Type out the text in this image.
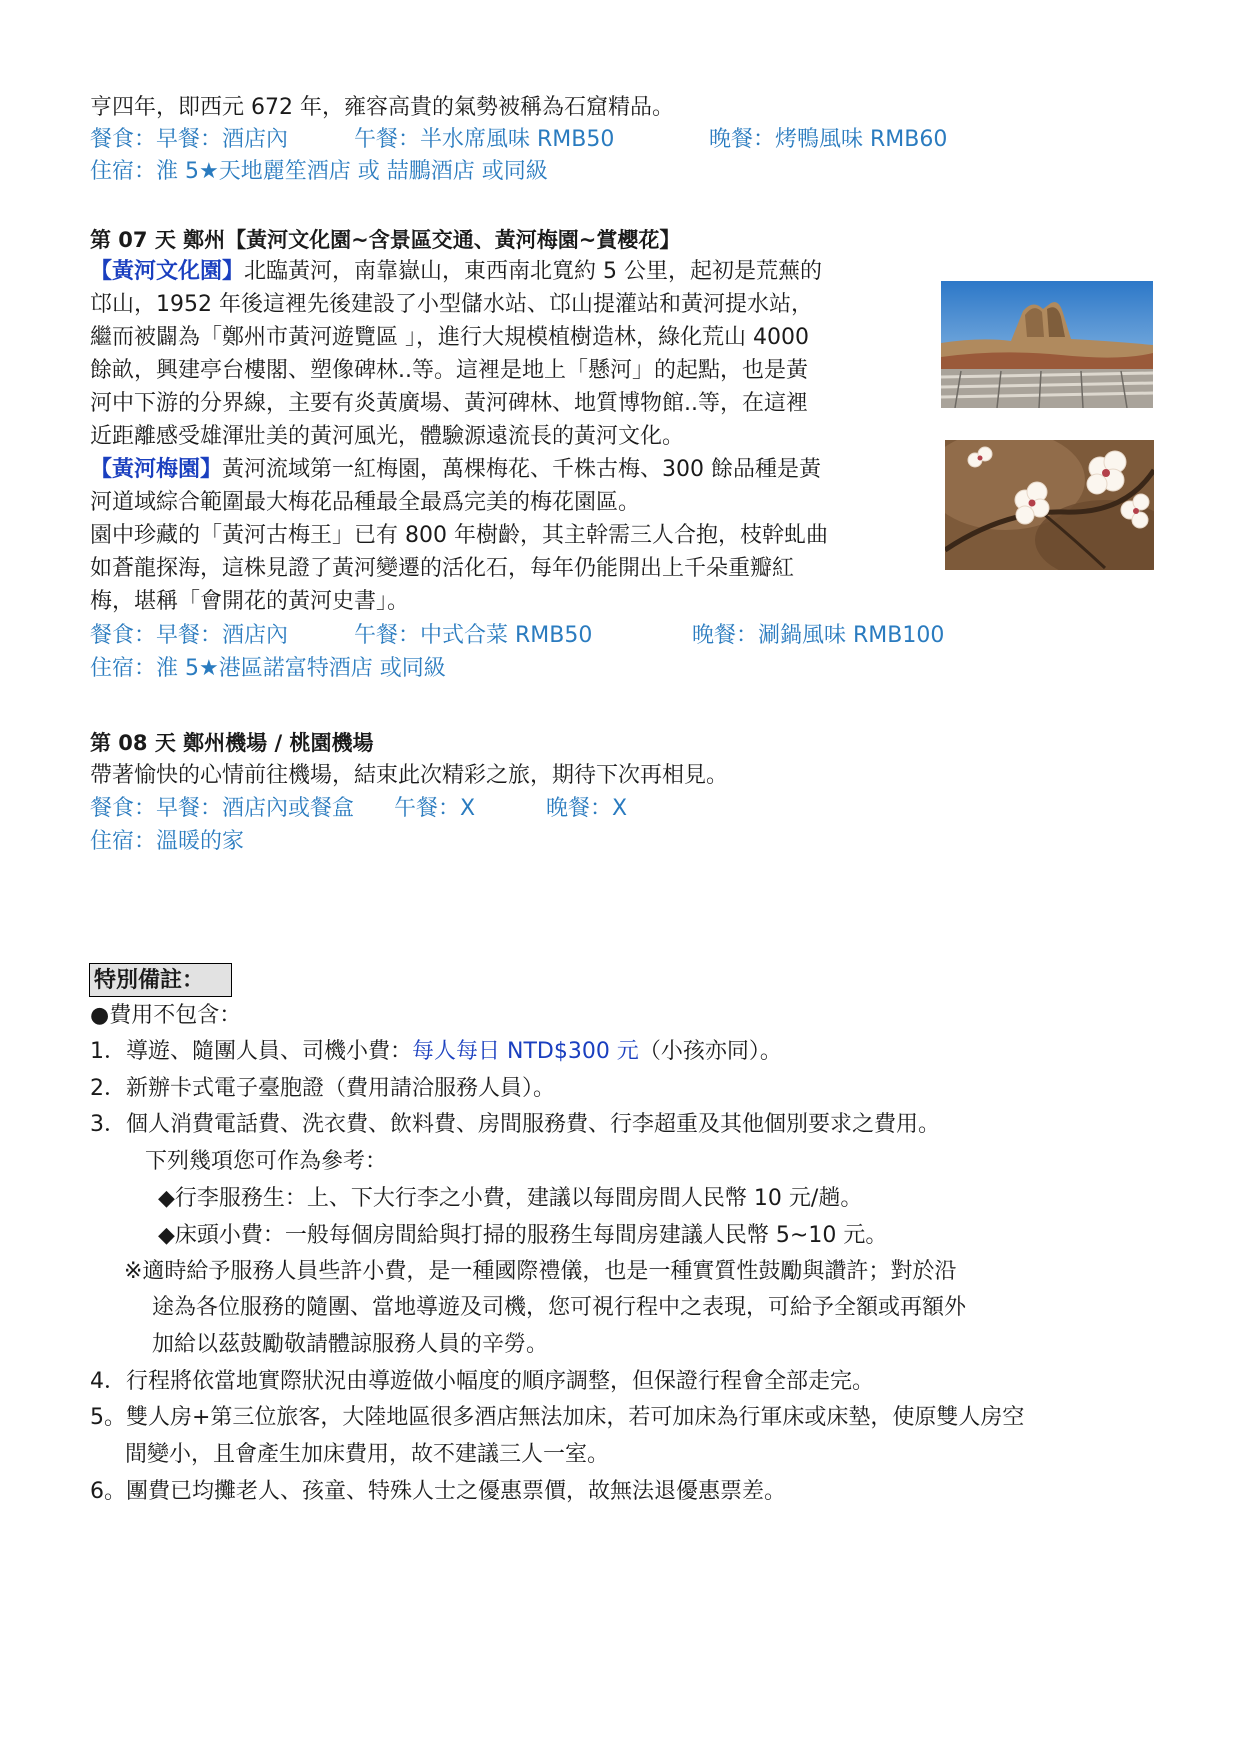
亨四年，即西元 672 年，雍容高貴的氣勢被稱為石窟精品。
餐食：早餐：酒店內	午餐：半水席風味 RMB50	晚餐：烤鴨風味 RMB60
住宿：淮 5★天地麗笙酒店 或 喆鵬酒店 或同級
第 07 天 鄭州【黃河文化園~含景區交通、黃河梅園~賞櫻花】
【黃河文化園】北臨黃河，南靠嶽山，東西南北寬約 5 公里，起初是荒蕪的
邙山，1952 年後這裡先後建設了小型儲水站、邙山提灌站和黃河提水站，
繼而被闢為「鄭州市黃河遊覽區 」，進行大規模植樹造林，綠化荒山 4000
餘畝，興建亭台樓閣、塑像碑林..等。這裡是地上「懸河」的起點，也是黃
河中下游的分界線，主要有炎黃廣場、黃河碑林、地質博物館..等，在這裡
近距離感受雄渾壯美的黃河風光，體驗源遠流長的黃河文化。
【黃河梅園】黃河流域第一紅梅園，萬棵梅花、千株古梅、300 餘品種是黃
河道域綜合範圍最大梅花品種最全最爲完美的梅花園區。
園中珍藏的「黃河古梅王」已有 800 年樹齡，其主幹需三人合抱，枝幹虬曲
如蒼龍探海，這株見證了黃河變遷的活化石，每年仍能開出上千朵重瓣紅
梅，堪稱「會開花的黃河史書」。
餐食：早餐：酒店內	午餐：中式合菜 RMB50	晚餐：涮鍋風味 RMB100
住宿：淮 5★港區諾富特酒店 或同級
第 08 天 鄭州機場 / 桃園機場
帶著愉快的心情前往機場，結束此次精彩之旅，期待下次再相見。
餐食：早餐：酒店內或餐盒 午餐：X	晚餐：X
住宿：溫暖的家
特別備註：
●費用不包含：
1．導遊、隨團人員、司機小費：每人每日 NTD$300 元（小孩亦同）。
2．新辦卡式電子臺胞證（費用請洽服務人員）。
3．個人消費電話費、洗衣費、飲料費、房間服務費、行李超重及其他個別要求之費用。
下列幾項您可作為參考：
◆行李服務生：上、下大行李之小費，建議以每間房間人民幣 10 元/趟。
◆床頭小費：一般每個房間給與打掃的服務生每間房建議人民幣 5~10 元。
※適時給予服務人員些許小費，是一種國際禮儀，也是一種實質性鼓勵與讚許；對於沿
途為各位服務的隨團、當地導遊及司機，您可視行程中之表現，可給予全額或再額外
加給以茲鼓勵敬請體諒服務人員的辛勞。
4．行程將依當地實際狀況由導遊做小幅度的順序調整，但保證行程會全部走完。
5。雙人房+第三位旅客，大陸地區很多酒店無法加床，若可加床為行軍床或床墊，使原雙人房空
間變小，且會產生加床費用，故不建議三人一室。
6。團費已均攤老人、孩童、特殊人士之優惠票價，故無法退優惠票差。
